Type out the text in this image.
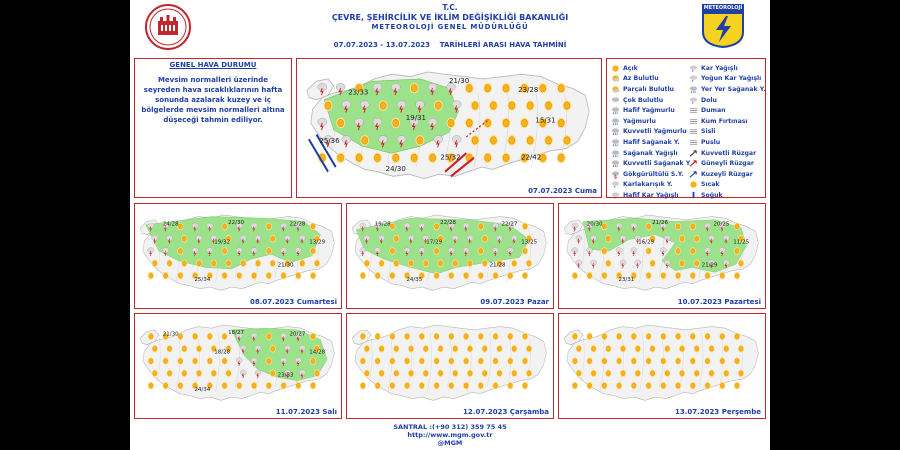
METEOROLOJİ
T.C.
ÇEVRE, ŞEHİRCİLİK VE İKLİM DEĞİŞİKLİĞİ BAKANLIĞI
METEOROLOJİ GENEL MÜDÜRLÜĞÜ
07.07.2023 - 13.07.2023 TARİHLERİ ARASI HAVA TAHMİNİ
GENEL HAVA DURUMU
Mevsim normalleri üzerinde seyreden hava sıcaklıklarının hafta sonunda azalarak kuzey ve iç bölgelerde mevsim normalleri altına düşeceği tahmin ediliyor.
23/33
21/30
23/28
19/31	15/31
25/36
25/32	22/42
24/30
07.07.2023 Cuma
24/28	22/30	22/28
19/32	13/29
21/30
25/34
08.07.2023 Cumartesi
19/28	22/28	22/27
17/29	13/25
21/28
24/35
09.07.2023 Pazar
20/30	21/26	20/25
16/29	11/25
21/29
23/31
10.07.2023 Pazartesi
21/30	18/27	20/27
18/28	14/28
23/33
24/34
11.07.2023 Salı	12.07.2023 Çarşamba	13.07.2023 Perşembe
Açık
Az Bulutlu
Parçalı Bulutlu
Çok Bulutlu
Hafif Yağmurlu
Yağmurlu
Kuvvetli Yağmurlu
Hafif Sağanak Y.
Sağanak Yağışlı
Kuvvetli Sağanak Y
Gökgürültülü S.Y.
* Karlakarışık Y.
* Hafif Kar Yağışlı
* Kar Yağışlı
* Yoğun Kar Yağışlı
Yer Yer Sağanak Y.
* Dolu
Duman
Kum Fırtınası
Sisli
Puslu
Kuvvetli Rüzgar
Güneyli Rüzgar
Kuzeyli Rüzgar
Sıcak
Soğuk
SANTRAL :(+90 312) 359 75 45
http://www.mgm.gov.tr
@MGM
